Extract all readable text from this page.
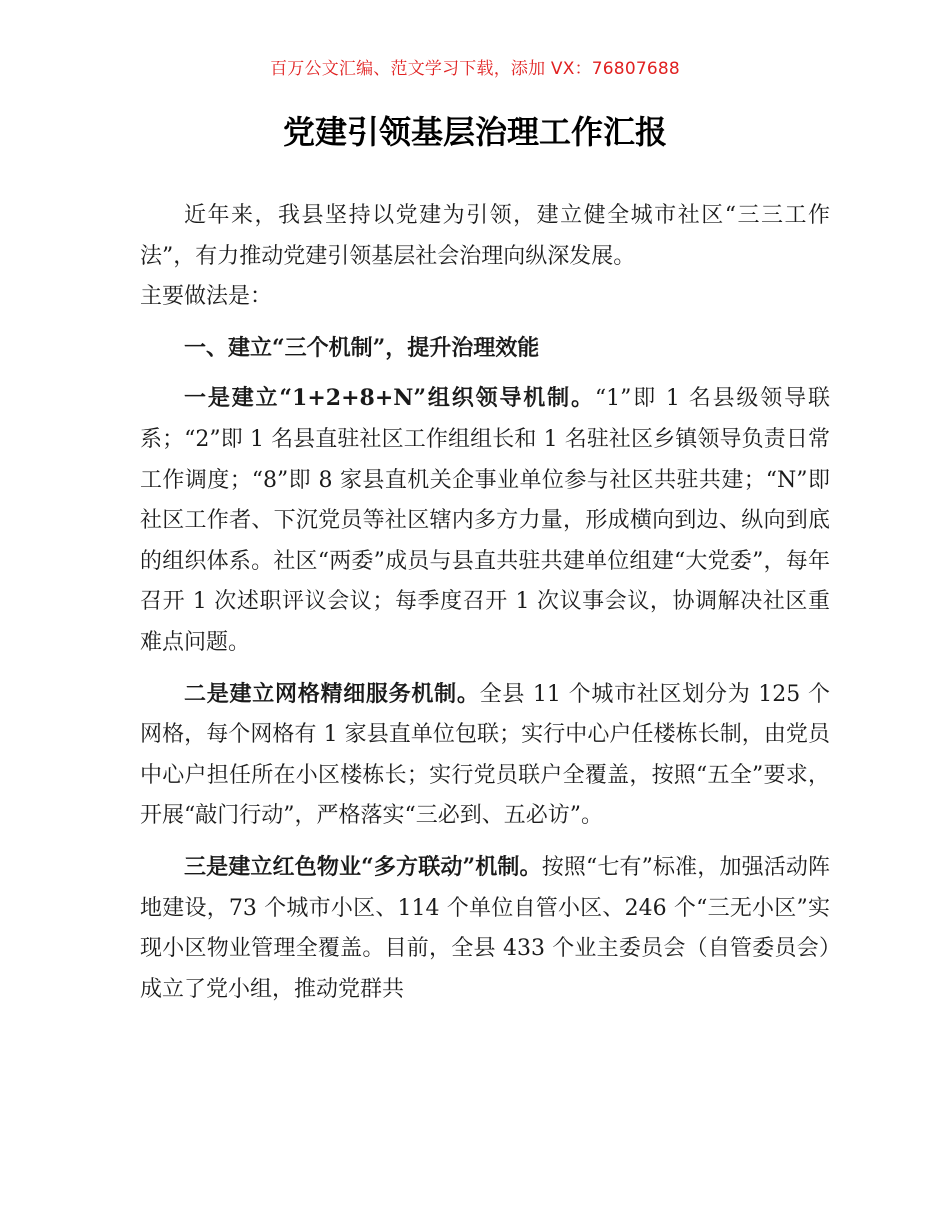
百万公文汇编、范文学习下载，添加 VX：76807688
党建引领基层治理工作汇报

近年来，我县坚持以党建为引领，建立健全城市社区“三三工作法”，有力推动党建引领基层社会治理向纵深发展。

主要做法是：

一、建立“三个机制”，提升治理效能

一是建立“1+2+8+N”组织领导机制。“1”即 1 名县级领导联系；“2”即 1 名县直驻社区工作组组长和 1 名驻社区乡镇领导负责日常工作调度；“8”即 8 家县直机关企事业单位参与社区共驻共建；“N”即社区工作者、下沉党员等社区辖内多方力量，形成横向到边、纵向到底的组织体系。社区“两委”成员与县直共驻共建单位组建“大党委”，每年召开 1 次述职评议会议；每季度召开 1 次议事会议，协调解决社区重难点问题。

二是建立网格精细服务机制。全县 11 个城市社区划分为 125 个网格，每个网格有 1 家县直单位包联；实行中心户任楼栋长制，由党员中心户担任所在小区楼栋长；实行党员联户全覆盖，按照“五全”要求，开展“敲门行动”，严格落实“三必到、五必访”。

三是建立红色物业“多方联动”机制。按照“七有”标准，加强活动阵地建设，73 个城市小区、114 个单位自管小区、246 个“三无小区”实现小区物业管理全覆盖。目前，全县 433 个业主委员会（自管委员会）成立了党小组，推动党群共
